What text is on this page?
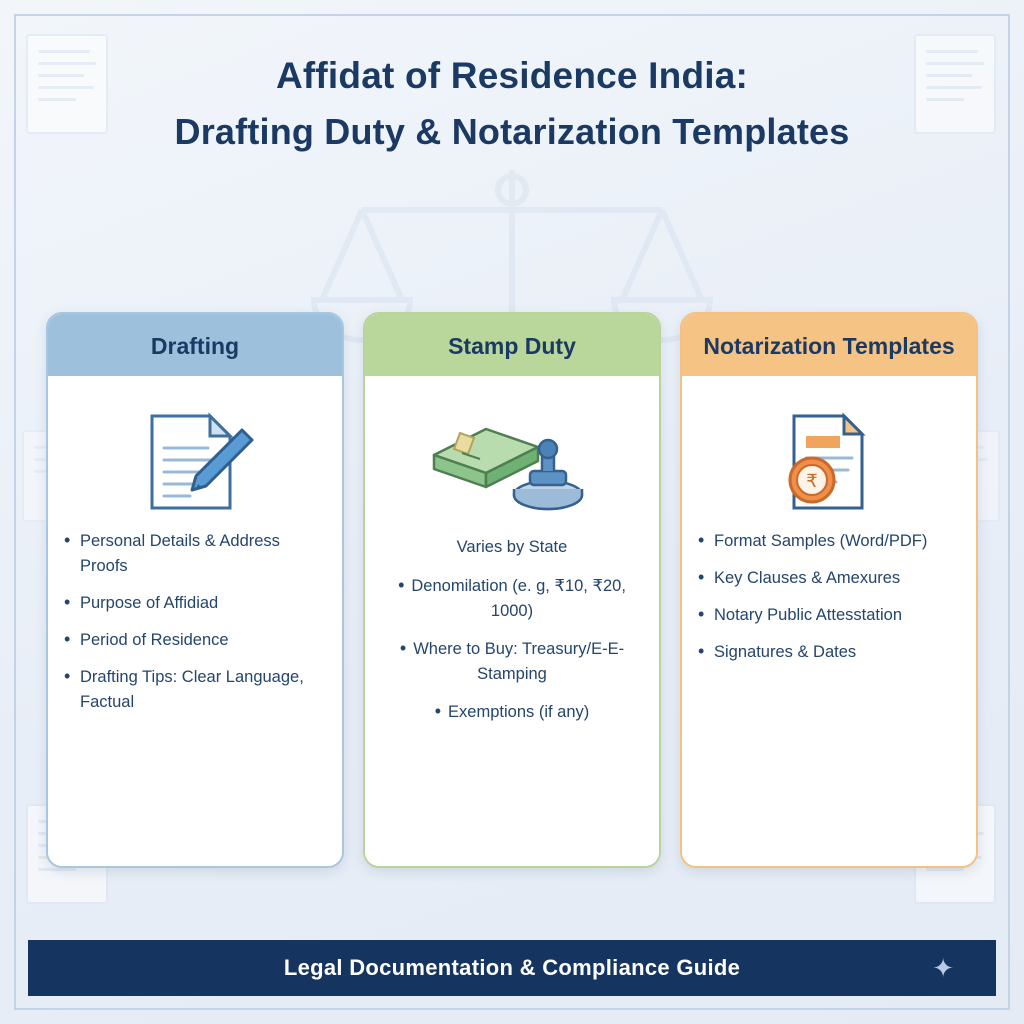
Affidat of Residence India:
Drafting Duty & Notarization Templates
Drafting
• Personal Details & Address Proofs
• Purpose of Affidiad
• Period of Residence
• Drafting Tips: Clear Language, Factual
Stamp Duty
Varies by State
• Denomilation (e. g, ₹10, ₹20, 1000) • Where to Buy: Treasury/E-E-Stamping • Exemptions (if any)
Notarization Templates
₹
• Format Samples (Word/PDF)
• Key Clauses & Amexures
• Notary Public Attesstation
• Signatures & Dates
Legal Documentation & Compliance Guide	✦
